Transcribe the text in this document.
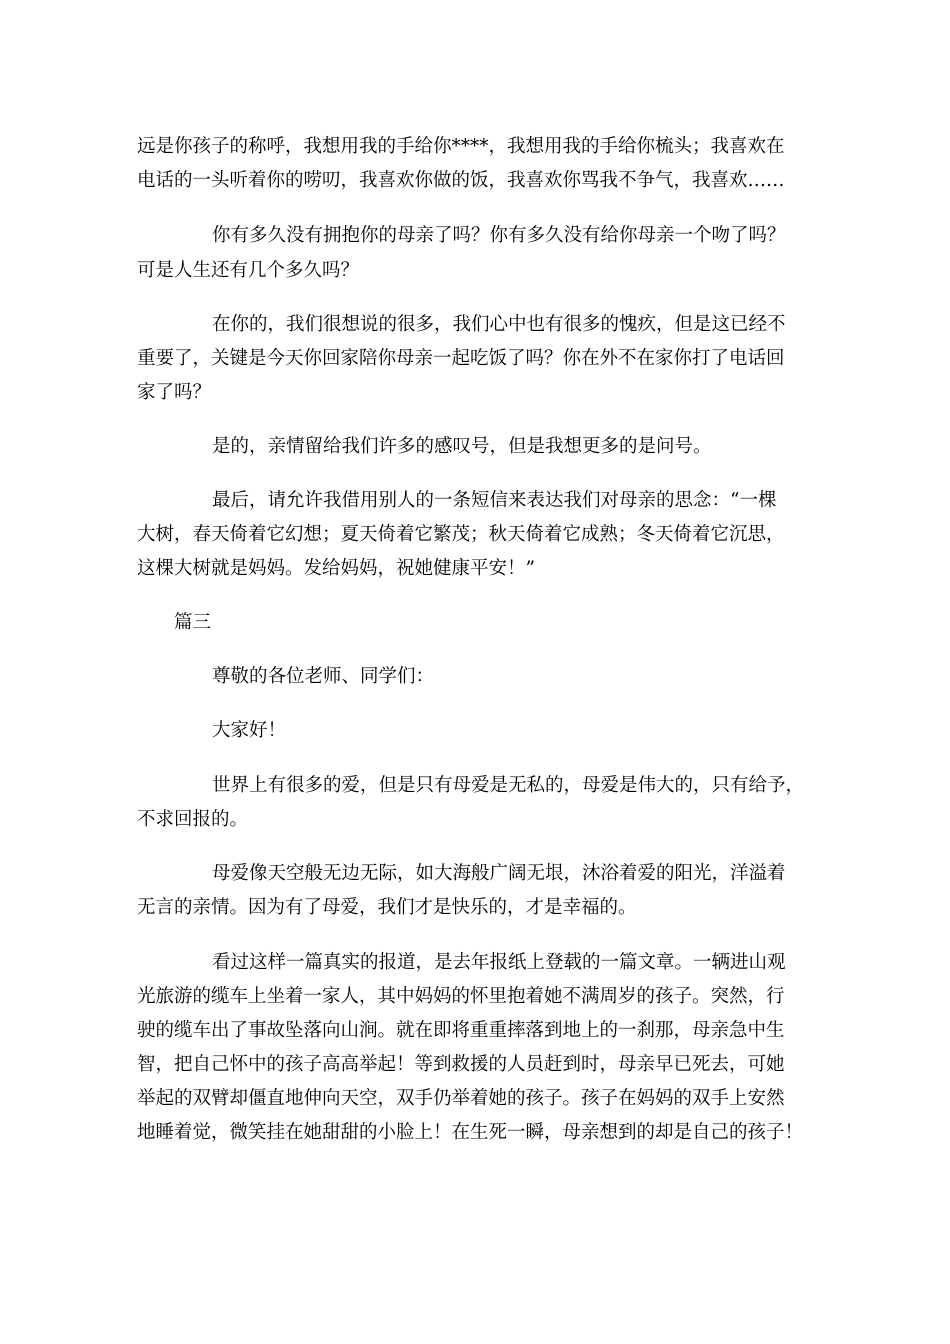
远是你孩子的称呼，我想用我的手给你****，我想用我的手给你梳头；我喜欢在
电话的一头听着你的唠叨，我喜欢你做的饭，我喜欢你骂我不争气，我喜欢……
你有多久没有拥抱你的母亲了吗？你有多久没有给你母亲一个吻了吗？
可是人生还有几个多久吗？
在你的，我们很想说的很多，我们心中也有很多的愧疚，但是这已经不
重要了，关键是今天你回家陪你母亲一起吃饭了吗？你在外不在家你打了电话回
家了吗？
是的，亲情留给我们许多的感叹号，但是我想更多的是问号。
最后，请允许我借用别人的一条短信来表达我们对母亲的思念：“一棵
大树，春天倚着它幻想；夏天倚着它繁茂；秋天倚着它成熟；冬天倚着它沉思，
这棵大树就是妈妈。发给妈妈，祝她健康平安！”
篇三
尊敬的各位老师、同学们：
大家好！
世界上有很多的爱，但是只有母爱是无私的，母爱是伟大的，只有给予，
不求回报的。
母爱像天空般无边无际，如大海般广阔无垠，沐浴着爱的阳光，洋溢着
无言的亲情。因为有了母爱，我们才是快乐的，才是幸福的。
看过这样一篇真实的报道，是去年报纸上登载的一篇文章。一辆进山观
光旅游的缆车上坐着一家人，其中妈妈的怀里抱着她不满周岁的孩子。突然，行
驶的缆车出了事故坠落向山涧。就在即将重重摔落到地上的一刹那，母亲急中生
智，把自己怀中的孩子高高举起！等到救援的人员赶到时，母亲早已死去，可她
举起的双臂却僵直地伸向天空，双手仍举着她的孩子。孩子在妈妈的双手上安然
地睡着觉，微笑挂在她甜甜的小脸上！在生死一瞬，母亲想到的却是自己的孩子！
